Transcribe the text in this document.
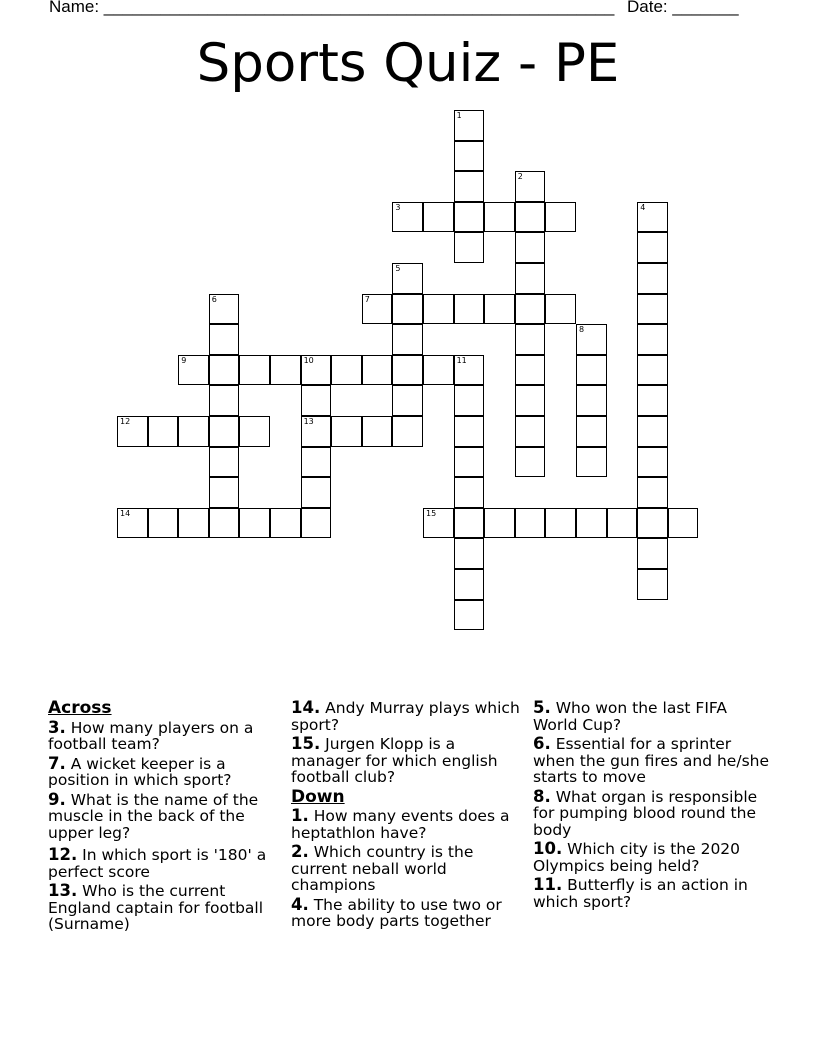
Name: ______________________________________________________ Date: _______
Sports Quiz - PE
1
2
3	4
5
6	7
8
9	10	11
13
12
14	15
Across
3. How many players on a football team?
7. A wicket keeper is a position in which sport?
9. What is the name of the muscle in the back of the upper leg?
12. In which sport is '180' a perfect score
13. Who is the current England captain for football (Surname)
14. Andy Murray plays which sport?
15. Jurgen Klopp is a manager for which english football club?
Down
1. How many events does a heptathlon have?
2. Which country is the current neball world champions
4. The ability to use two or more body parts together
5. Who won the last FIFA World Cup?
6. Essential for a sprinter when the gun fires and he/she starts to move
8. What organ is responsible for pumping blood round the body
10. Which city is the 2020 Olympics being held?
11. Butterfly is an action in which sport?
